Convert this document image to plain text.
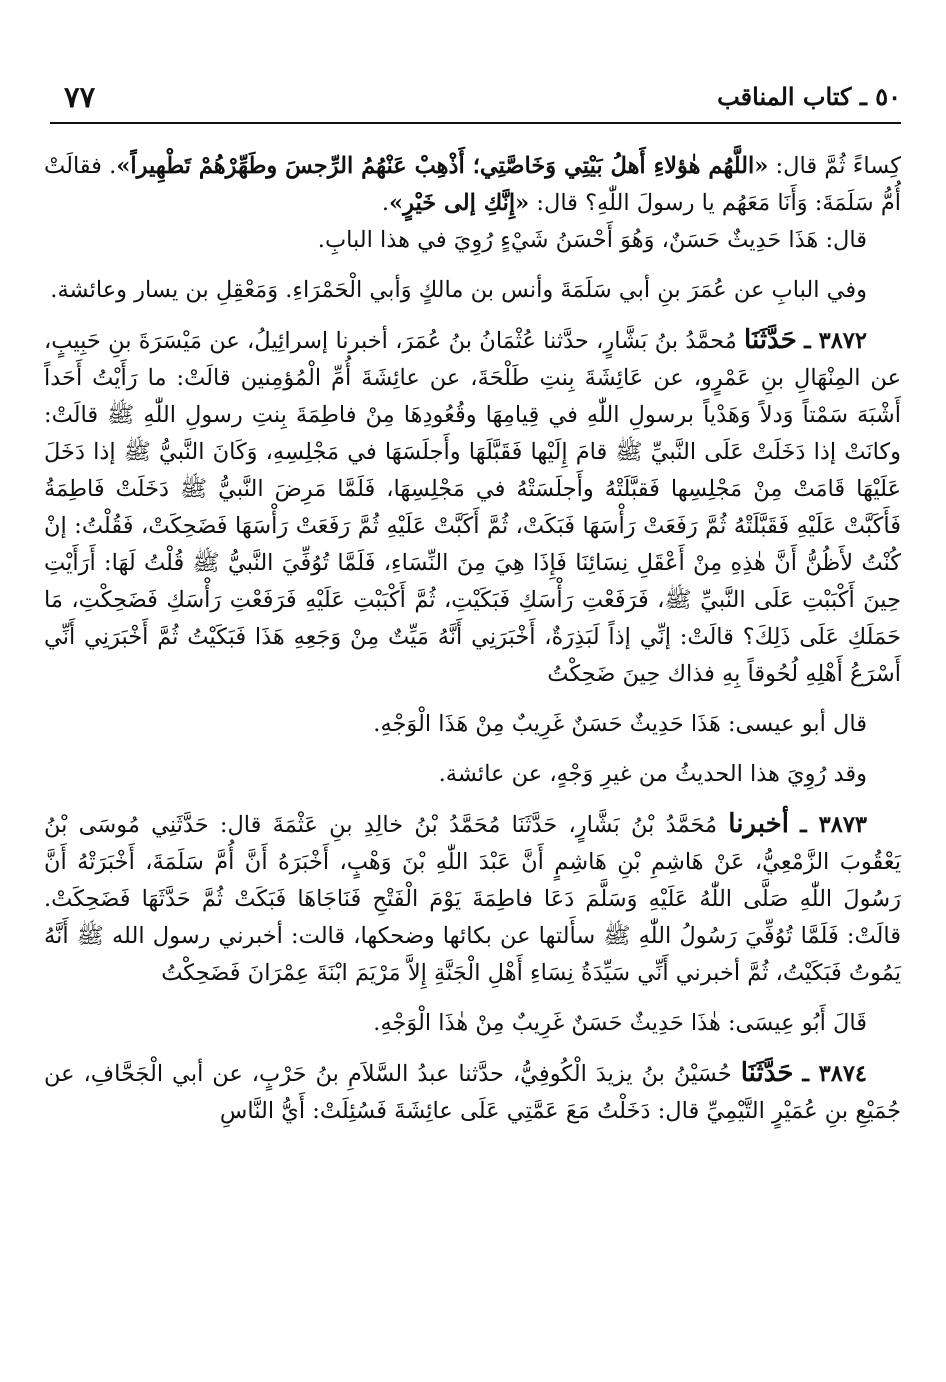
٧٧	٥٠ ـ كتاب المناقب

كِساءً ثُمَّ قال: «اللَّهُم هٰؤلاءِ أَهلُ بَيْتِي وَخَاصَّتِي؛ أَذْهِبْ عَنْهُمُ الرِّجسَ وطَهِّرْهُمْ تَطْهِيراً». فقالَتْ أُمُّ سَلَمَةَ: وَأَنَا مَعَهُم يا رسولَ اللّٰهِ؟ قال: «إِنَّكِ إلى خَيْرٍ».

قال: هَذَا حَدِيثٌ حَسَنٌ، وَهُوَ أَحْسَنُ شَيْءٍ رُوِيَ في هذا البابِ.

وفي البابِ عن عُمَرَ بنِ أبي سَلَمَةَ وأنس بن مالكٍ وَأبي الْحَمْرَاءِ. وَمَعْقِلِ بن يسار وعائشة.

٣٨٧٢ ـ حَدَّثَنَا مُحمَّدُ بنُ بَشَّارٍ، حدَّثنا عُثْمَانُ بنُ عُمَرَ، أخبرنا إسرائِيلُ، عن مَيْسَرَةَ بنِ حَبِيبٍ، عن المِنْهَالِ بنِ عَمْرٍو، عن عَائِشَةَ بِنتِ طَلْحَةَ، عن عائِشَةَ أُمِّ الْمُؤمِنين قالَتْ: ما رَأَيْتُ أَحَداً أَشْبَهَ سَمْتاً وَدلاً وَهَدْياً برسولِ اللّٰهِ في قِيامِهَا وقُعُودِهَا مِنْ فاطِمَةَ بِنتِ رسولِ اللّٰهِ ﷺ قالَتْ: وكانَتْ إذا دَخَلَتْ عَلَى النَّبيِّ ﷺ قامَ إِلَيْها فَقَبَّلَهَا وأَجلَسَهَا في مَجْلِسِهِ، وَكَانَ النَّبيُّ ﷺ إذا دَخَلَ عَلَيْهَا قَامَتْ مِنْ مَجْلِسِها فَقبَّلَتْهُ وأَجلَسَتْهُ في مَجْلِسِهَا، فَلَمَّا مَرِضَ النَّبيُّ ﷺ دَخَلَتْ فَاطِمَةُ فَأَكَبَّتْ عَلَيْهِ فَقَبَّلَتْهُ ثُمَّ رَفَعَتْ رَأْسَهَا فَبَكَتْ، ثُمَّ أَكَبَّتْ عَلَيْهِ ثُمَّ رَفَعَتْ رَأْسَهَا فَضَحِكَتْ، فَقُلْتُ: إنْ كُنْتُ لأَظُنُّ أَنَّ هٰذِهِ مِنْ أَعْقَلِ نِسَائِنَا فَإِذَا هِيَ مِنَ النِّسَاءِ، فَلَمَّا تُوُفِّيَ النَّبيُّ ﷺ قُلْتُ لَهَا: أَرَأَيْتِ حِينَ أَكْبَبْتِ عَلَى النَّبيِّ ﷺ، فَرَفَعْتِ رَأْسَكِ فَبَكَيْتِ، ثُمَّ أَكْبَبْتِ عَلَيْهِ فَرَفَعْتِ رَأْسَكِ فَضَحِكْتِ، مَا حَمَلَكِ عَلَى ذَلِكَ؟ قالَتْ: إنِّي إذاً لَبَذِرَةٌ، أَخْبَرَنِي أَنَّهُ مَيِّتٌ مِنْ وَجَعِهِ هَذَا فَبَكَيْتُ ثُمَّ أَخْبَرَنِي أَنِّي أَسْرَعُ أَهْلِهِ لُحُوقاً بِهِ فذاك حِينَ ضَحِكْتُ

قال أبو عيسى: هَذَا حَدِيثٌ حَسَنٌ غَرِيبٌ مِنْ هَذَا الْوَجْهِ.

وقد رُوِيَ هذا الحديثُ من غيرِ وَجْهٍ، عن عائشة.

٣٨٧٣ ـ أخبرنا مُحَمَّدُ بْنُ بَشَّارٍ، حَدَّثَنَا مُحَمَّدُ بْنُ خالِدِ بنِ عَثْمَةَ قال: حَدَّثَنِي مُوسَى بْنُ يَعْقُوبَ الزَّمْعِيُّ، عَنْ هَاشِمِ بْنِ هَاشِمٍ أَنَّ عَبْدَ اللّٰهِ بْنَ وَهْبٍ، أَخْبَرَهُ أَنَّ أُمَّ سَلَمَةَ، أَخْبَرَتْهُ أَنَّ رَسُولَ اللّٰهِ صَلَّى اللّٰهُ عَلَيْهِ وَسَلَّمَ دَعَا فاطِمَةَ يَوْمَ الْفَتْحِ فَنَاجَاهَا فَبَكَتْ ثُمَّ حَدَّثَهَا فَضَحِكَتْ. قالَتْ: فَلَمَّا تُوُفِّيَ رَسُولُ اللّٰهِ ﷺ سأَلتها عن بكائها وضحكها، قالت: أخبرني رسول الله ﷺ أَنَّهُ يَمُوتُ فَبَكَيْتُ، ثُمَّ أخبرني أَنِّي سَيِّدَةُ نِسَاءِ أَهْلِ الْجَنَّةِ إِلاَّ مَرْيَمَ ابْنَةَ عِمْرَانَ فَضَحِكْتُ

قَالَ أَبُو عِيسَى: هٰذَا حَدِيثٌ حَسَنٌ غَرِيبٌ مِنْ هٰذَا الْوَجْهِ.

٣٨٧٤ ـ حَدَّثَنَا حُسَيْنُ بنُ يزيدَ الْكُوفِيُّ، حدَّثنا عبدُ السَّلاَمِ بنُ حَرْبٍ، عن أبي الْجَحَّافِ، عن جُمَيْعِ بنِ عُمَيْرٍ التَّيْمِيِّ قال: دَخَلْتُ مَعَ عَمَّتِي عَلَى عائِشَةَ فَسُئِلَتْ: أَيُّ النَّاسِ
